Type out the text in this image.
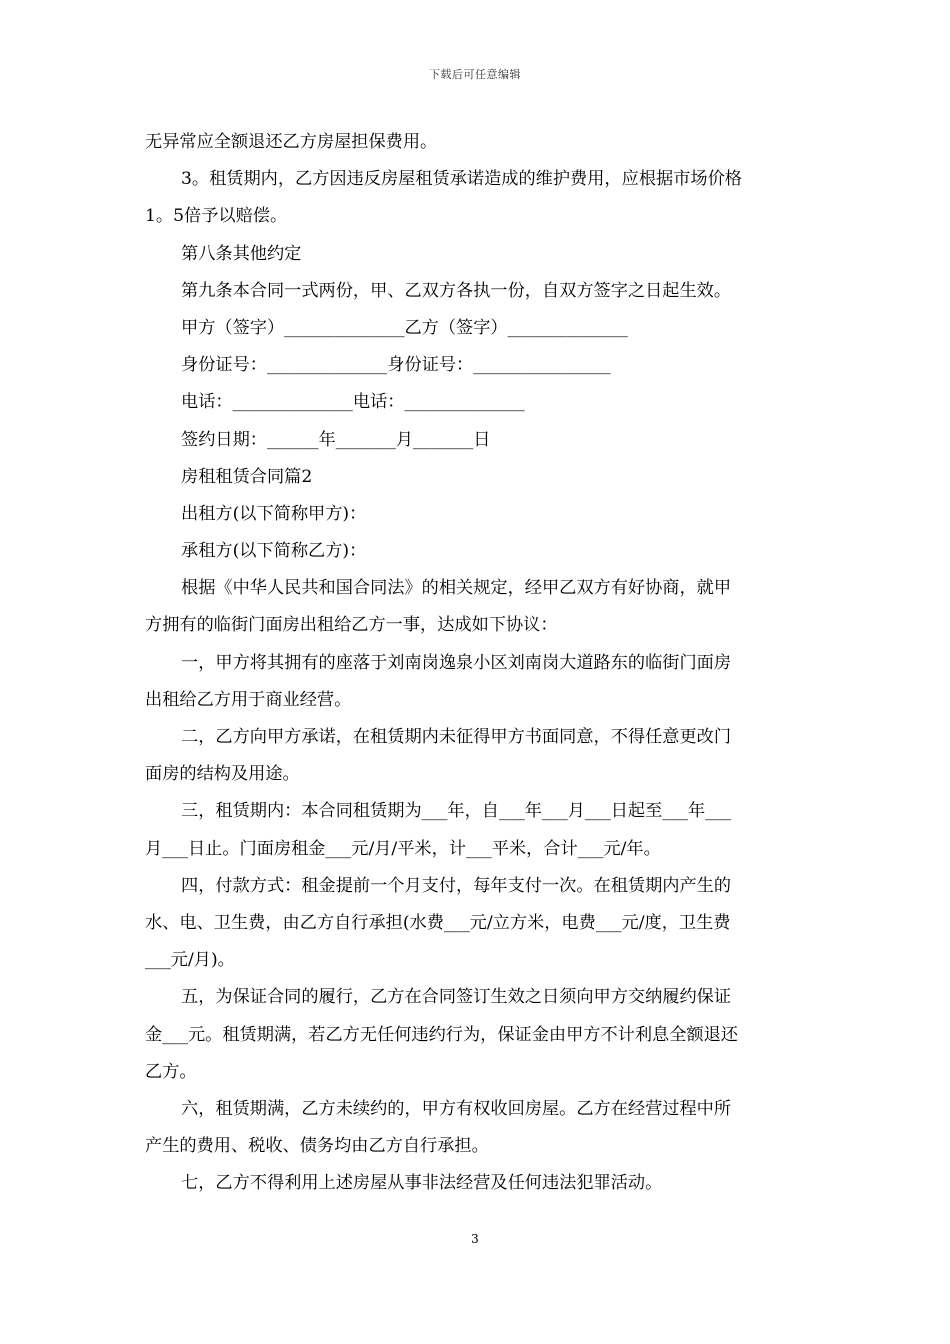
下载后可任意编辑
无异常应全额退还乙方房屋担保费用。
3。租赁期内，乙方因违反房屋租赁承诺造成的维护费用，应根据市场价格
1。5倍予以赔偿。
第八条其他约定
第九条本合同一式两份，甲、乙双方各执一份，自双方签字之日起生效。
甲方（签字）______________乙方（签字）______________
身份证号：______________身份证号：________________
电话：______________电话：______________
签约日期：______年_______月_______日
房租租赁合同篇2
出租方(以下简称甲方)：
承租方(以下简称乙方)：
根据《中华人民共和国合同法》的相关规定，经甲乙双方有好协商，就甲
方拥有的临街门面房出租给乙方一事，达成如下协议：
一，甲方将其拥有的座落于刘南岗逸泉小区刘南岗大道路东的临街门面房
出租给乙方用于商业经营。
二，乙方向甲方承诺，在租赁期内未征得甲方书面同意，不得任意更改门
面房的结构及用途。
三，租赁期内：本合同租赁期为___年，自___年___月___日起至___年___
月___日止。门面房租金___元/月/平米，计___平米，合计___元/年。
四，付款方式：租金提前一个月支付，每年支付一次。在租赁期内产生的
水、电、卫生费，由乙方自行承担(水费___元/立方米，电费___元/度，卫生费
___元/月)。
五，为保证合同的履行，乙方在合同签订生效之日须向甲方交纳履约保证
金___元。租赁期满，若乙方无任何违约行为，保证金由甲方不计利息全额退还
乙方。
六，租赁期满，乙方未续约的，甲方有权收回房屋。乙方在经营过程中所
产生的费用、税收、债务均由乙方自行承担。
七，乙方不得利用上述房屋从事非法经营及任何违法犯罪活动。
3
